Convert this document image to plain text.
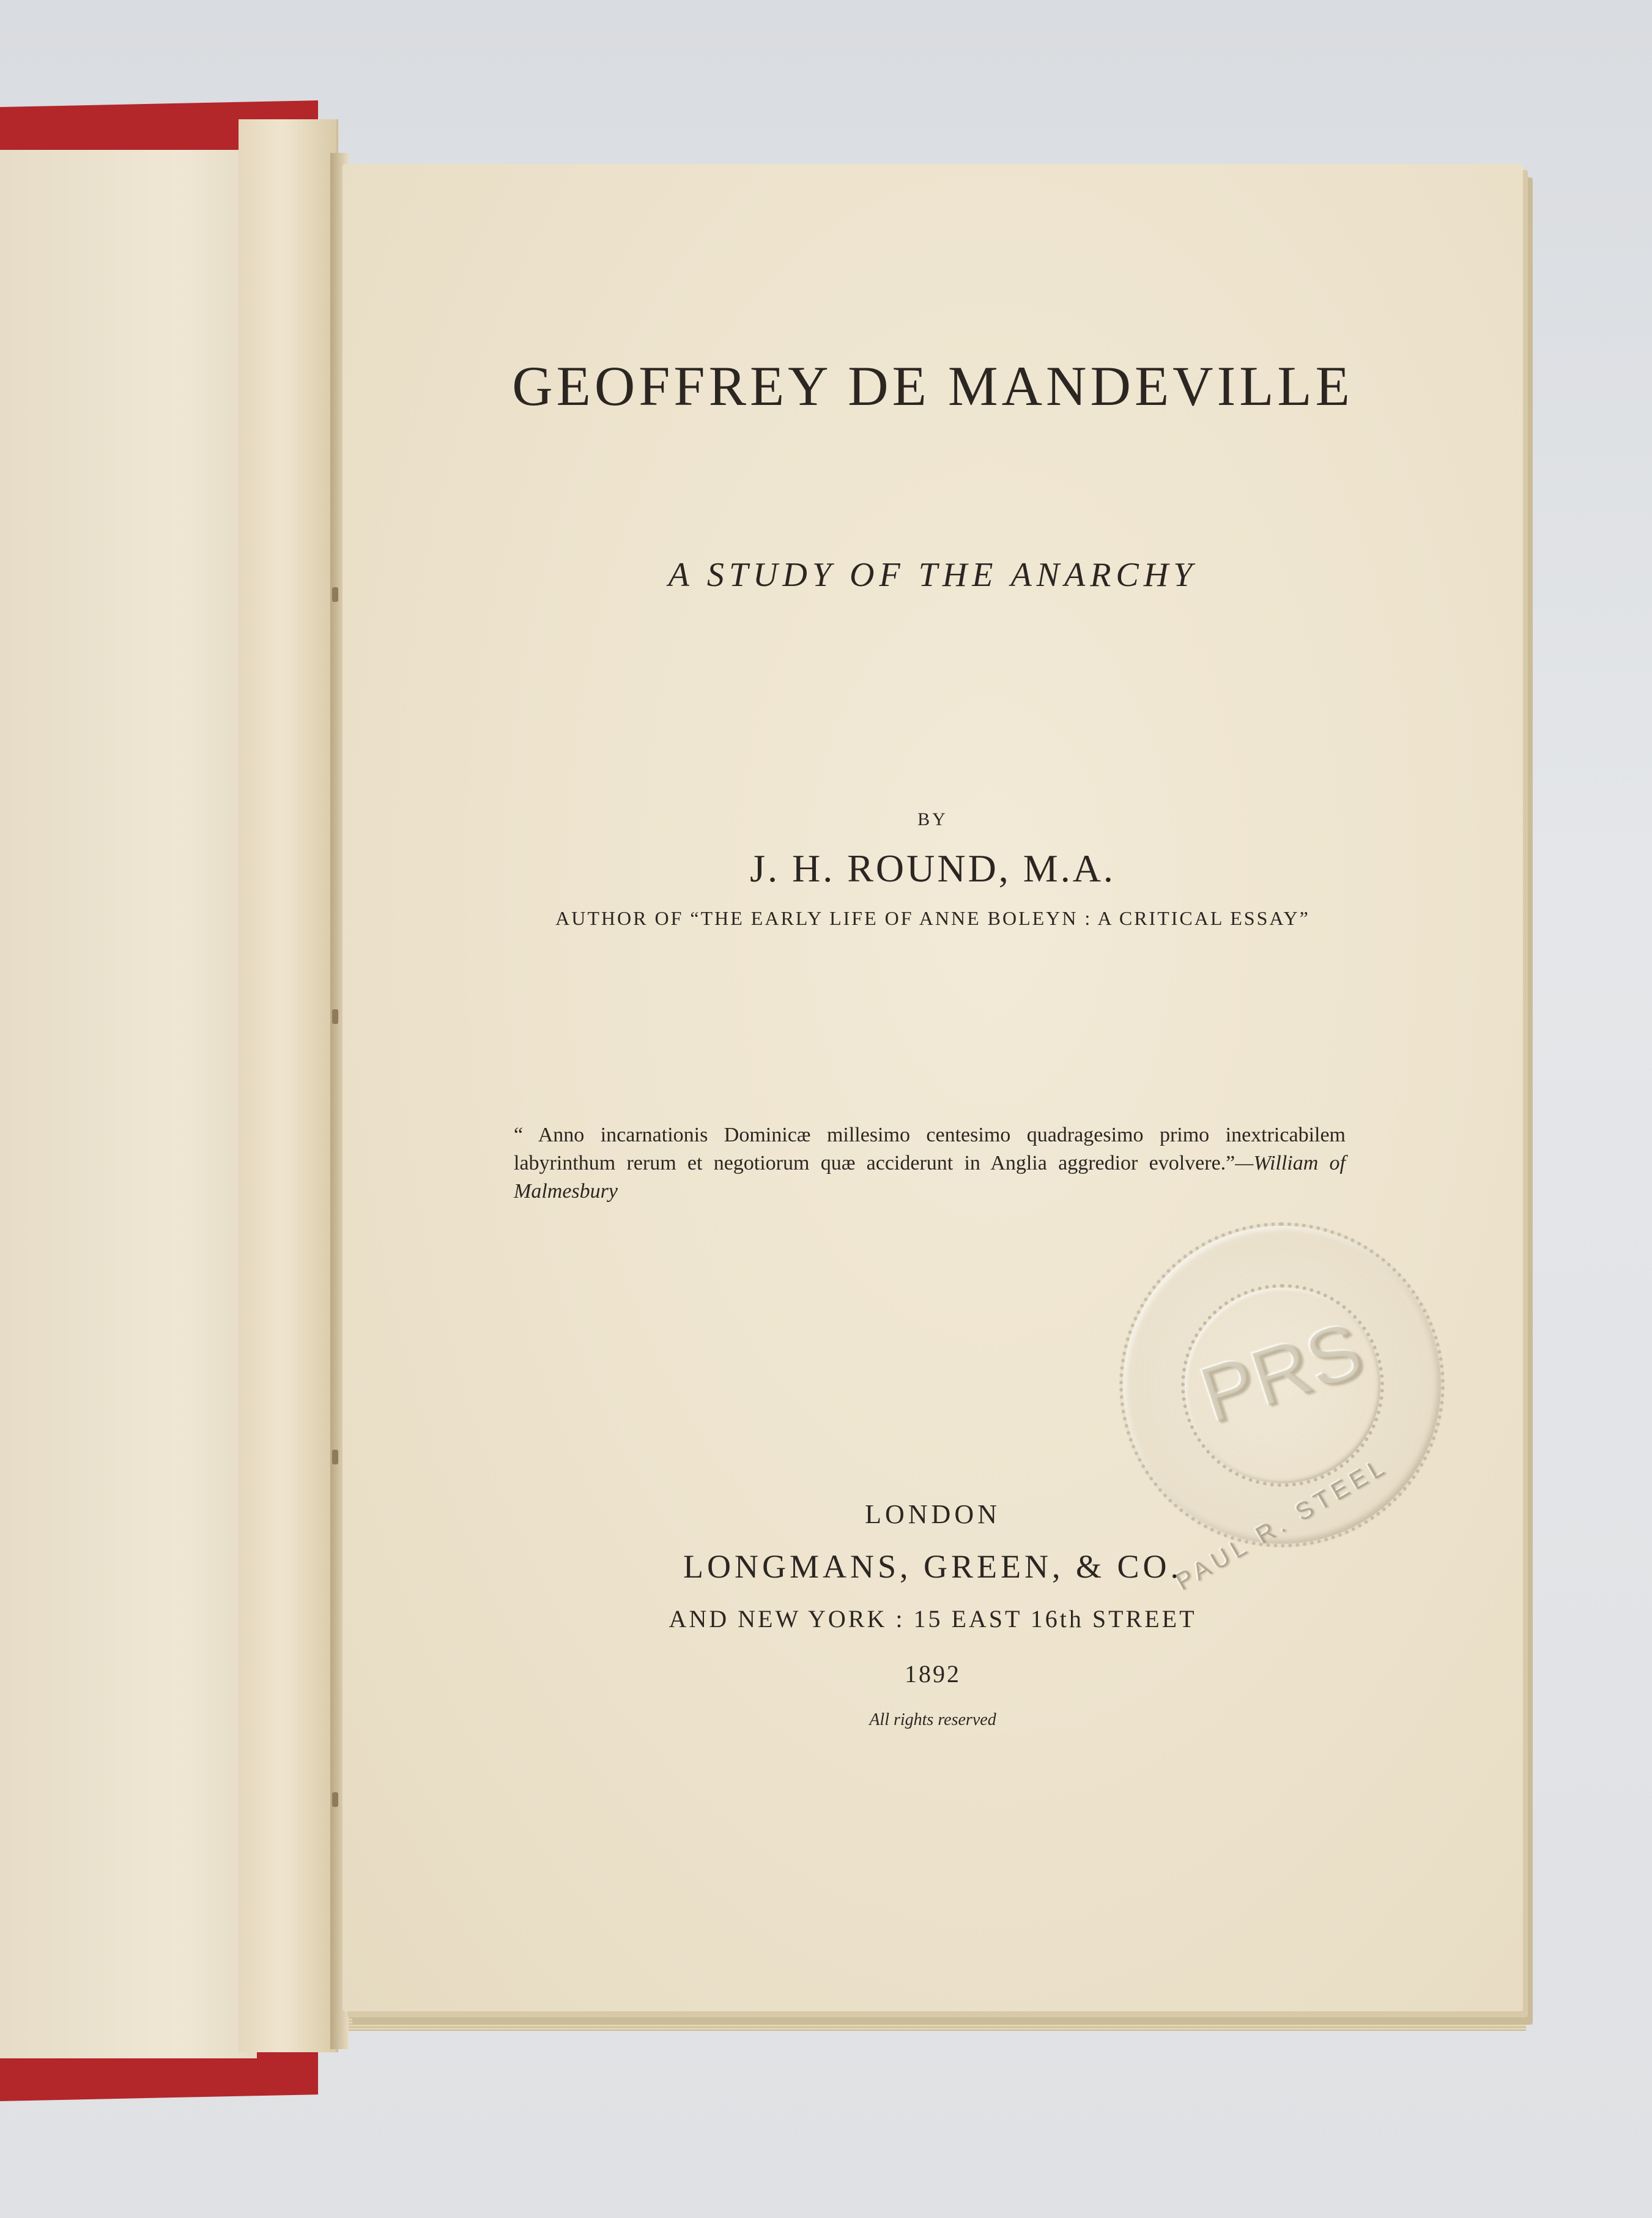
GEOFFREY DE MANDEVILLE
A STUDY OF THE ANARCHY
BY
J. H. ROUND, M.A.
AUTHOR OF “THE EARLY LIFE OF ANNE BOLEYN : A CRITICAL ESSAY”
“ Anno incarnationis Dominicæ millesimo centesimo quadragesimo primo inextricabilem labyrinthum rerum et negotiorum quæ acciderunt in Anglia aggredior evolvere.”—William of Malmesbury
PRS
PAUL R. STEEL
LONDON
LONGMANS, GREEN, & CO.
AND NEW YORK : 15 EAST 16th STREET
1892
All rights reserved
